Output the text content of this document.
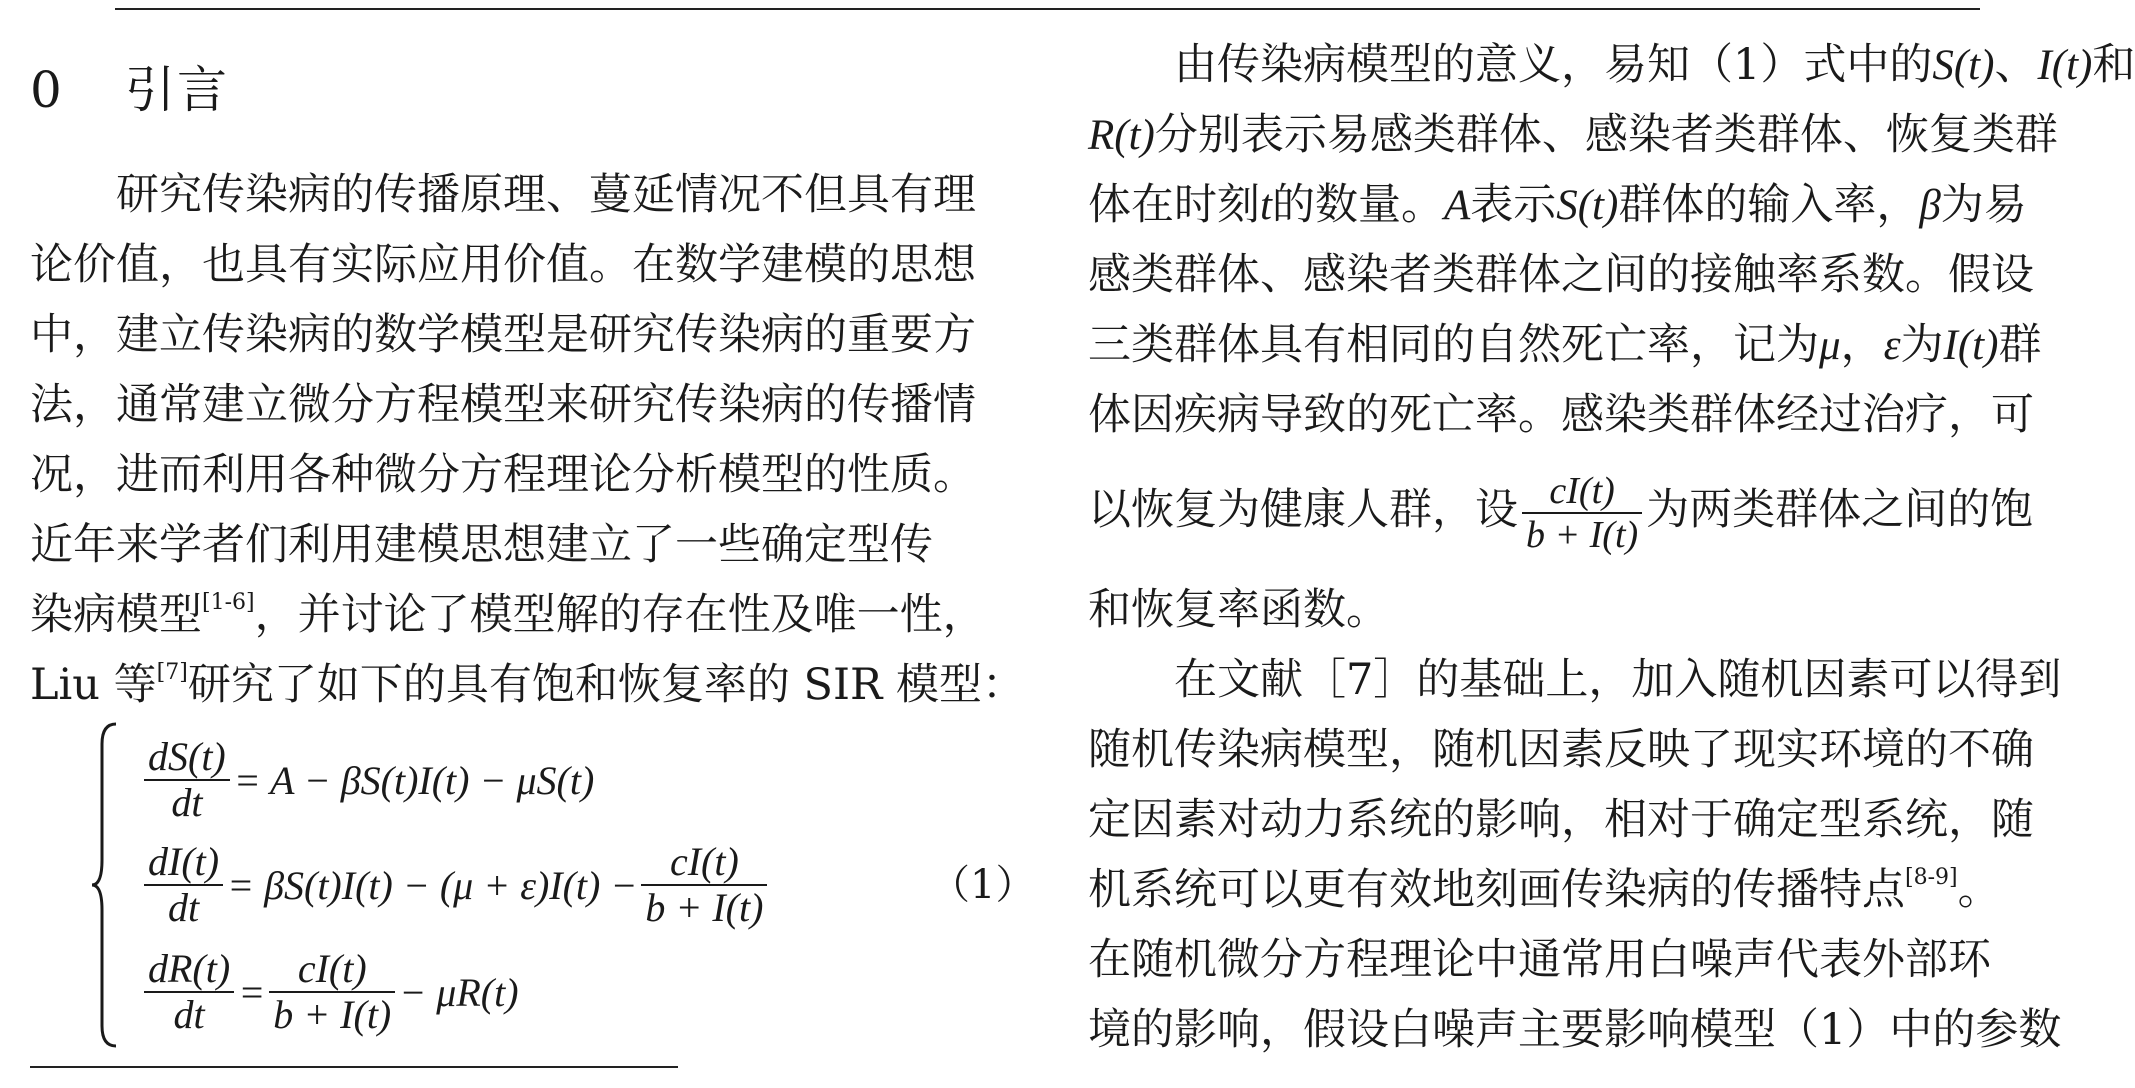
0 引言
研究传染病的传播原理、蔓延情况不但具有理
论价值，也具有实际应用价值。在数学建模的思想
中，建立传染病的数学模型是研究传染病的重要方
法，通常建立微分方程模型来研究传染病的传播情
况，进而利用各种微分方程理论分析模型的性质。
近年来学者们利用建模思想建立了一些确定型传
染病模型[1-6]，并讨论了模型解的存在性及唯一性，
Liu 等[7]研究了如下的具有饱和恢复率的 SIR 模型：
$\frac{dS(t)}{dt} = A - \beta S(t)I(t) - \mu S(t)$
$\frac{dI(t)}{dt} = \beta S(t)I(t) - (\mu + \varepsilon)I(t) - \frac{cI(t)}{b + I(t)}$
$\frac{dR(t)}{dt} = \frac{cI(t)}{b + I(t)} - \mu R(t)$
（1）
由传染病模型的意义，易知（1）式中的S(t)、I(t)和
R(t)分别表示易感类群体、感染者类群体、恢复类群
体在时刻t的数量。A表示S(t)群体的输入率，β为易
感类群体、感染者类群体之间的接触率系数。假设
三类群体具有相同的自然死亡率，记为μ，ε为I(t)群
体因疾病导致的死亡率。感染类群体经过治疗，可
以恢复为健康人群，设 $\frac{cI(t)}{b + I(t)}$ 为两类群体之间的饱
和恢复率函数。
在文献［7］的基础上，加入随机因素可以得到
随机传染病模型，随机因素反映了现实环境的不确
定因素对动力系统的影响，相对于确定型系统，随
机系统可以更有效地刻画传染病的传播特点[8-9]。
在随机微分方程理论中通常用白噪声代表外部环
境的影响，假设白噪声主要影响模型（1）中的参数
